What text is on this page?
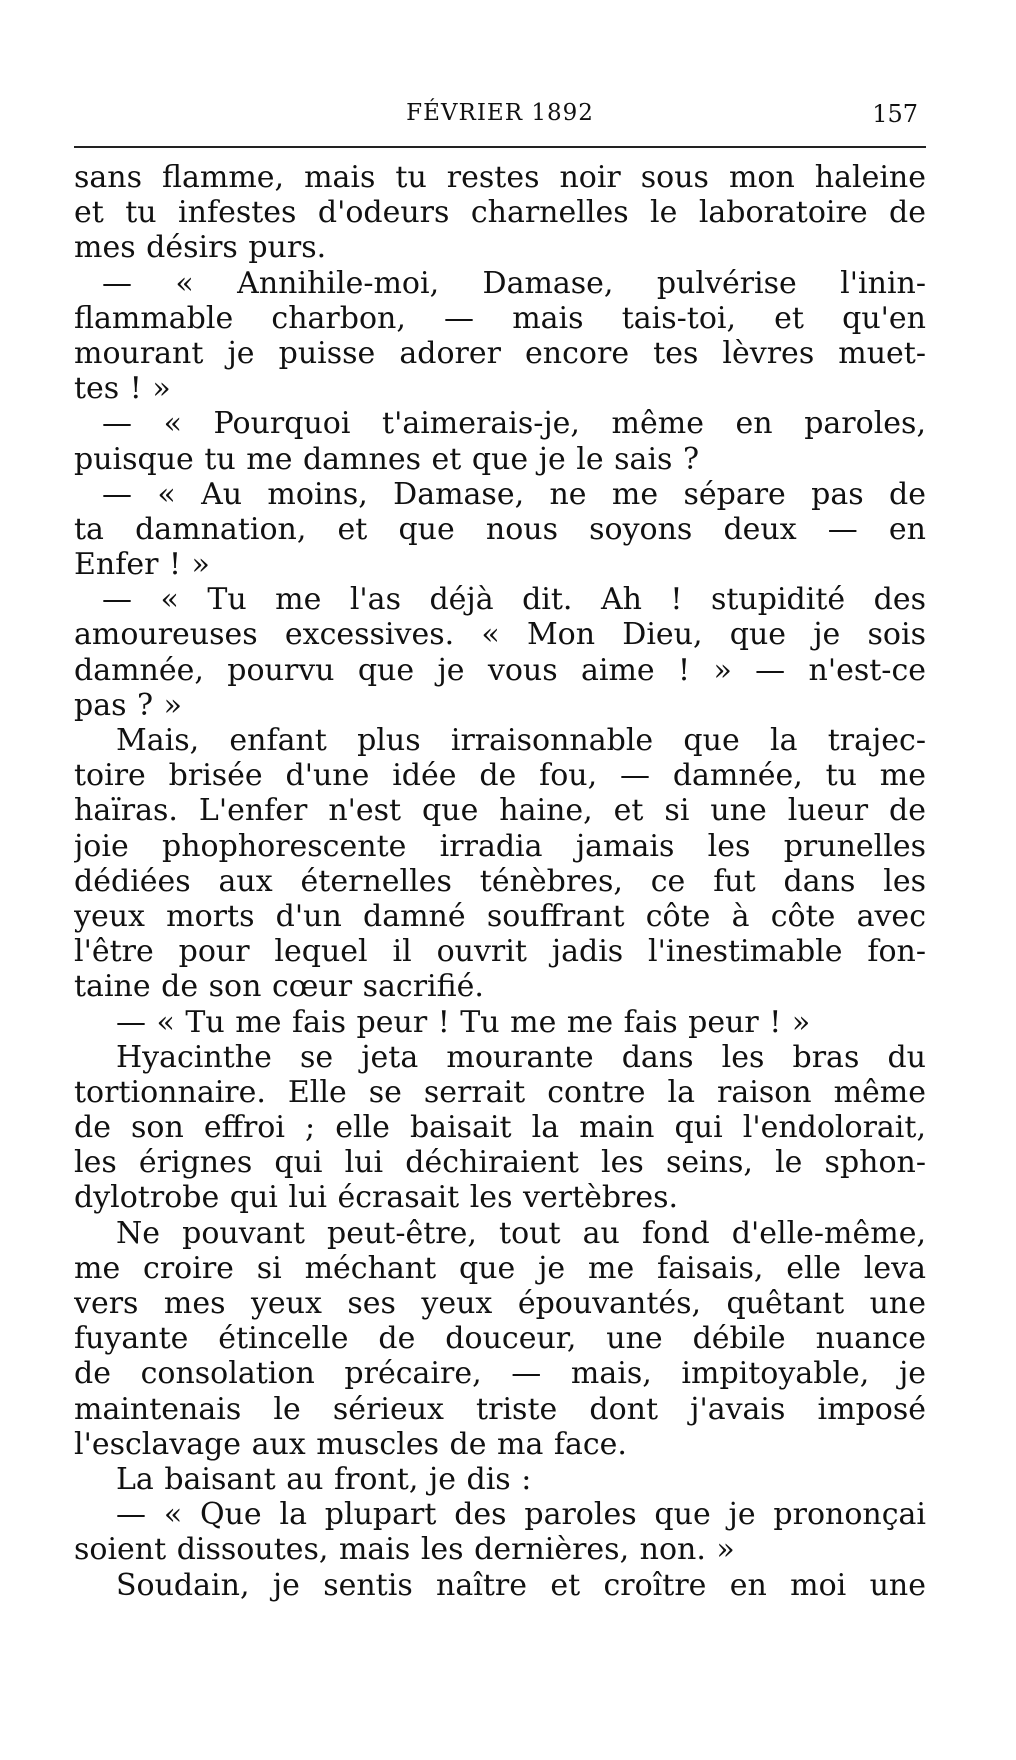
FÉVRIER 1892	157
sans flamme, mais tu restes noir sous mon haleine
et tu infestes d'odeurs charnelles le laboratoire de
mes désirs purs.
— « Annihile-moi, Damase, pulvérise l'inin-
flammable charbon, — mais tais-toi, et qu'en
mourant je puisse adorer encore tes lèvres muet-
tes ! »
— « Pourquoi t'aimerais-je, même en paroles,
puisque tu me damnes et que je le sais ?
— « Au moins, Damase, ne me sépare pas de
ta damnation, et que nous soyons deux — en
Enfer ! »
— « Tu me l'as déjà dit. Ah ! stupidité des
amoureuses excessives. « Mon Dieu, que je sois
damnée, pourvu que je vous aime ! » — n'est-ce
pas ? »
Mais, enfant plus irraisonnable que la trajec-
toire brisée d'une idée de fou, — damnée, tu me
haïras. L'enfer n'est que haine, et si une lueur de
joie phophorescente irradia jamais les prunelles
dédiées aux éternelles ténèbres, ce fut dans les
yeux morts d'un damné souffrant côte à côte avec
l'être pour lequel il ouvrit jadis l'inestimable fon-
taine de son cœur sacrifié.
— « Tu me fais peur ! Tu me me fais peur ! »
Hyacinthe se jeta mourante dans les bras du
tortionnaire. Elle se serrait contre la raison même
de son effroi ; elle baisait la main qui l'endolorait,
les érignes qui lui déchiraient les seins, le sphon-
dylotrobe qui lui écrasait les vertèbres.
Ne pouvant peut-être, tout au fond d'elle-même,
me croire si méchant que je me faisais, elle leva
vers mes yeux ses yeux épouvantés, quêtant une
fuyante étincelle de douceur, une débile nuance
de consolation précaire, — mais, impitoyable, je
maintenais le sérieux triste dont j'avais imposé
l'esclavage aux muscles de ma face.
La baisant au front, je dis :
— « Que la plupart des paroles que je prononçai
soient dissoutes, mais les dernières, non. »
Soudain, je sentis naître et croître en moi une
